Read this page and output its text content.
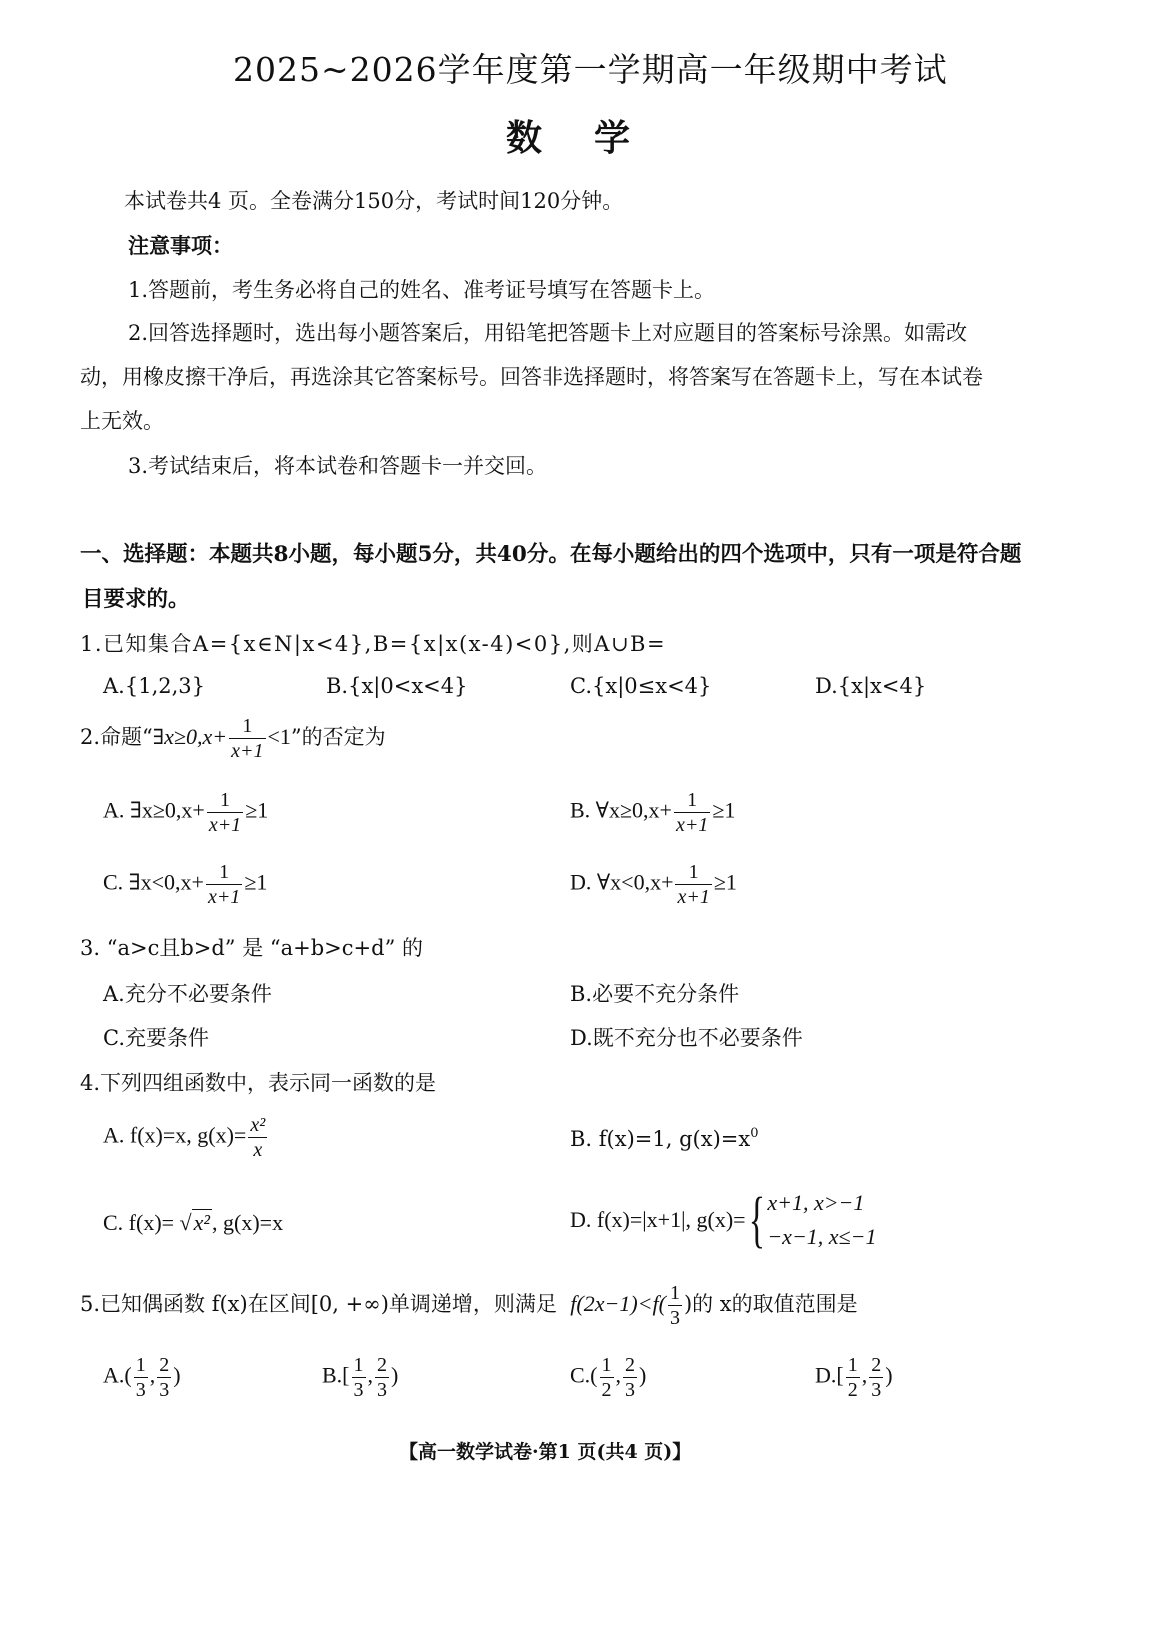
2025~2026学年度第一学期高一年级期中考试
数学
本试卷共4 页。全卷满分150分，考试时间120分钟。
注意事项：
1.答题前，考生务必将自己的姓名、准考证号填写在答题卡上。
2.回答选择题时，选出每小题答案后，用铅笔把答题卡上对应题目的答案标号涂黑。如需改
动，用橡皮擦干净后，再选涂其它答案标号。回答非选择题时，将答案写在答题卡上，写在本试卷
上无效。
3.考试结束后，将本试卷和答题卡一并交回。
一、选择题：本题共8小题，每小题5分，共40分。在每小题给出的四个选项中，只有一项是符合题
目要求的。
1.已知集合A={x∈N|x<4},B={x|x(x-4)<0},则A∪B=
A.{1,2,3}	B.{x|0<x<4}	C.{x|0≤x<4}	D.{x|x<4}
2.命题“∃x≥0,x+ $\frac{1}{x+1} <1$”的否定为
A. ∃x≥0,x+ $\frac{1}{x+1} \ge 1$	B. ∀x≥0,x+ $\frac{1}{x+1} \ge 1$
C. ∃x<0,x+ $\frac{1}{x+1} \ge 1$	D. ∀x<0,x+ $\frac{1}{x+1} \ge 1$
3. “a>c且b>d” 是 “a+b>c+d” 的
A.充分不必要条件	B.必要不充分条件
C.充要条件	D.既不充分也不必要条件
4.下列四组函数中，表示同一函数的是
A. f(x)=x, $g(x)= \frac{\text{x²}}{x}$	B. f(x)=1, $g(x)=x^0$
C. f(x)= √x², g(x)=x	D. f(x)=|x+1|, g(x)={ x+1, x>−1
−x−1, x≤−1
5.已知偶函数 f(x)在区间[0, +∞)单调递增，则满足 $f(2x-1)<f( \frac{1}{3}$ )的 x的取值范围是
$A.( \frac{1}{3}$ , $\frac{2}{3}$ )	$B.[ \frac{1}{3}$ , $\frac{2}{3}$ )	$C.( \frac{1}{2}$ , $\frac{2}{3}$ )	$D.[ \frac{1}{2}$ , $\frac{2}{3}$ )
【高一数学试卷·第1 页(共4 页)】
